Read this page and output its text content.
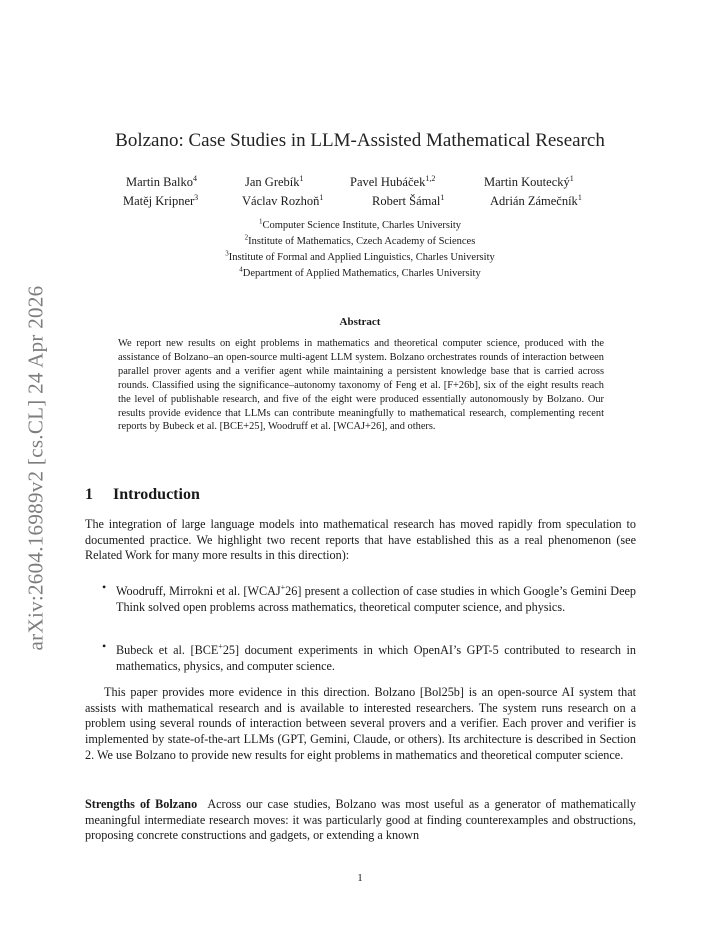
arXiv:2604.16989v2 [cs.CL] 24 Apr 2026
Bolzano: Case Studies in LLM-Assisted Mathematical Research
Martin Balko$^4$	Jan Grebík$^1$	Pavel Hubáček$^{1,2}$	Martin Koutecký$^1$
Matěj Kripner$^3$	Václav Rozhoň$^1$	Robert Šámal$^1$	Adrián Zámečník$^1$
$^1$Computer Science Institute, Charles University
$^2$Institute of Mathematics, Czech Academy of Sciences
$^3$Institute of Formal and Applied Linguistics, Charles University
$^4$Department of Applied Mathematics, Charles University
Abstract
We report new results on eight problems in mathematics and theoretical computer science, produced with the assistance of Bolzano–an open-source multi-agent LLM system. Bolzano orchestrates rounds of interaction between parallel prover agents and a verifier agent while maintaining a persistent knowledge base that is carried across rounds. Classified using the significance–autonomy taxonomy of Feng et al. [F+26b], six of the eight results reach the level of publishable research, and five of the eight were produced essentially autonomously by Bolzano. Our results provide evidence that LLMs can contribute meaningfully to mathematical research, complementing recent reports by Bubeck et al. [BCE+25], Woodruff et al. [WCAJ+26], and others.
1 Introduction
The integration of large language models into mathematical research has moved rapidly from speculation to documented practice. We highlight two recent reports that have established this as a real phenomenon (see Related Work for many more results in this direction):
• Woodruff, Mirrokni et al. [WCAJ+26] present a collection of case studies in which Google’s Gemini Deep Think solved open problems across mathematics, theoretical computer science, and physics.
• Bubeck et al. [BCE+25] document experiments in which OpenAI’s GPT-5 contributed to research in mathematics, physics, and computer science.
This paper provides more evidence in this direction. Bolzano [Bol25b] is an open-source AI system that assists with mathematical research and is available to interested researchers. The system runs research on a problem using several rounds of interaction between several provers and a verifier. Each prover and verifier is implemented by state-of-the-art LLMs (GPT, Gemini, Claude, or others). Its architecture is described in Section 2. We use Bolzano to provide new results for eight problems in mathematics and theoretical computer science.
Strengths of Bolzano Across our case studies, Bolzano was most useful as a generator of mathematically meaningful intermediate research moves: it was particularly good at finding counterexamples and obstructions, proposing concrete constructions and gadgets, or extending a known
1
